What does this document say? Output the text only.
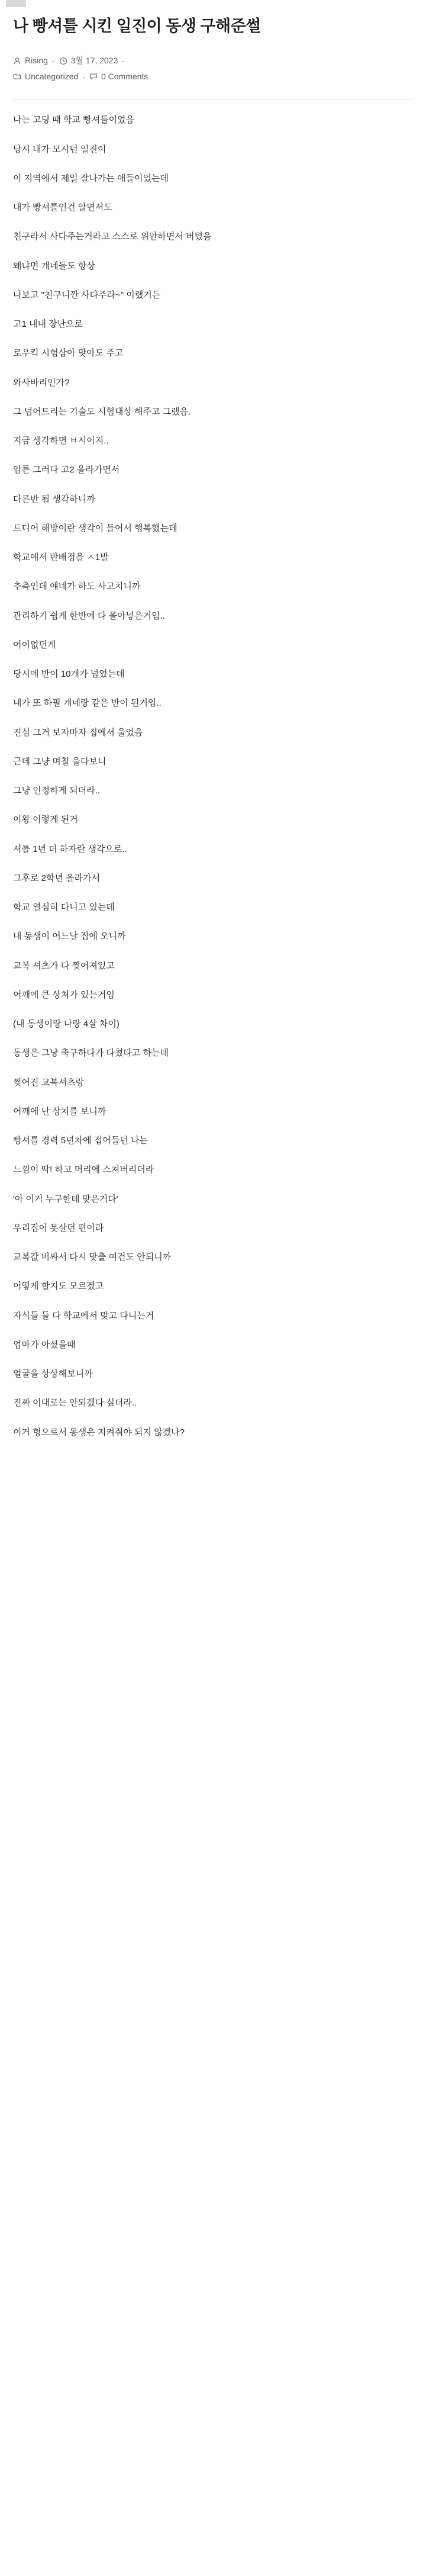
나 빵셔틀 시킨 일진이 동생 구해준썰
Rising - 3월 17, 2023 -
Uncategorized - 0 Comments

나는 고딩 때 학교 빵셔틀이었음

당시 내가 모시던 일진이

이 지역에서 제일 잘나가는 애들이었는데

내가 빵셔틀인건 알면서도

친구라서 사다주는거라고 스스로 위안하면서 버텼음

왜냐면 걔네들도 항상

나보고 "친구니깐 사다주라~" 이랬거든

고1 내내 장난으로

로우킥 시험삼아 맞아도 주고

와사바리인가?

그 넘어트리는 기술도 시험대상 해주고 그랬음.

지금 생각하면 ㅂ시이지..

암튼 그러다 고2 올라가면서

다른반 될 생각하니까

드디어 해방이란 생각이 들어서 행복했는데

학교에서 반배정을 ㅅ1발

추측인데 얘네가 하도 사고치니까

관리하기 쉽게 한반에 다 몰아넣은거임..

어이없던게

당시에 반이 10개가 넘었는데

내가 또 하필 걔네랑 같은 반이 된거임..

진심 그거 보자마자 집에서 울었음

근데 그냥 며칠 울다보니

그냥 인정하게 되더라..

이왕 이렇게 된거

셔틀 1년 더 하자란 생각으로..

그후로 2학년 올라가서

학교 열심히 다니고 있는데

내 동생이 어느날 집에 오니까

교복 셔츠가 다 찢어져있고

어깨에 큰 상처가 있는거임

(내 동생이랑 나랑 4살 차이)

동생은 그냥 축구하다가 다쳤다고 하는데

찢어진 교복셔츠랑

어깨에 난 상처를 보니까

빵셔틀 경력 5년차에 접어들던 나는

느낌이 딱! 하고 머리에 스쳐버리더라

'아 이거 누구한테 맞은거다'

우리집이 못살던 편이라

교복값 비싸서 다시 맞출 여건도 안되니까

어떻게 할지도 모르겠고

자식들 둘 다 학교에서 맞고 다니는거

엄마가 아셨을때

얼굴을 상상해보니까

진짜 이대로는 안되겠다 싶더라..

이거 형으로서 동생은 지켜줘야 되지 않겠나?
